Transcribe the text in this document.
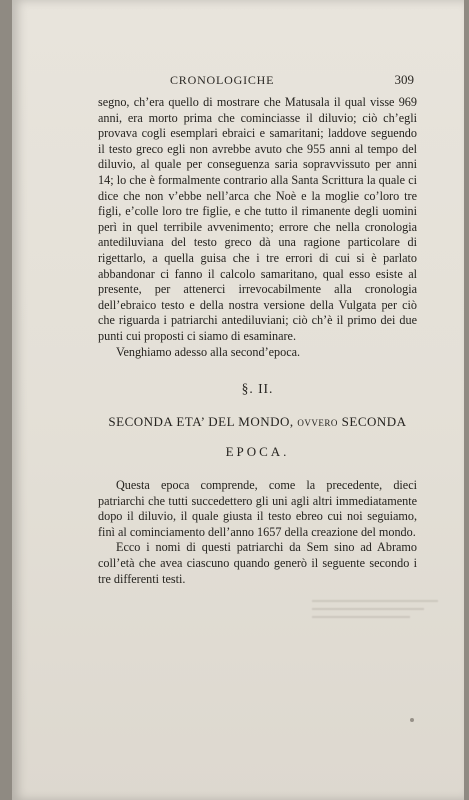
CRONOLOGICHE	309

segno, ch’era quello di mostrare che Matusala il qual visse 969 anni, era morto prima che cominciasse il diluvio; ciò ch’egli provava cogli esemplari ebraici e samaritani; laddove seguendo il testo greco egli non avrebbe avuto che 955 anni al tempo del diluvio, al quale per conseguenza saria sopravvissuto per anni 14; lo che è formalmente contrario alla Santa Scrittura la quale ci dice che non v’ebbe nell’arca che Noè e la moglie co’loro tre figli, e’colle loro tre figlie, e che tutto il rimanente degli uomini perì in quel terribile avvenimento; errore che nella cronologia antediluviana del testo greco dà una ragione particolare di rigettarlo, a quella guisa che i tre errori di cui si è parlato abbandonar ci fanno il calcolo samaritano, qual esso esiste al presente, per attenerci irrevocabilmente alla cronologia dell’ebraico testo e della nostra versione della Vulgata per ciò che riguarda i patriarchi antediluviani; ciò ch’è il primo dei due punti cui proposti ci siamo di esaminare.

Venghiamo adesso alla second’epoca.

§. II.
SECONDA ETA’ DEL MONDO, ovvero SECONDA
EPOCA.

Questa epoca comprende, come la precedente, dieci patriarchi che tutti succedettero gli uni agli altri immediatamente dopo il diluvio, il quale giusta il testo ebreo cui noi seguiamo, finì al cominciamento dell’anno 1657 della creazione del mondo.

Ecco i nomi di questi patriarchi da Sem sino ad Abramo coll’età che avea ciascuno quando generò il seguente secondo i tre differenti testi.
